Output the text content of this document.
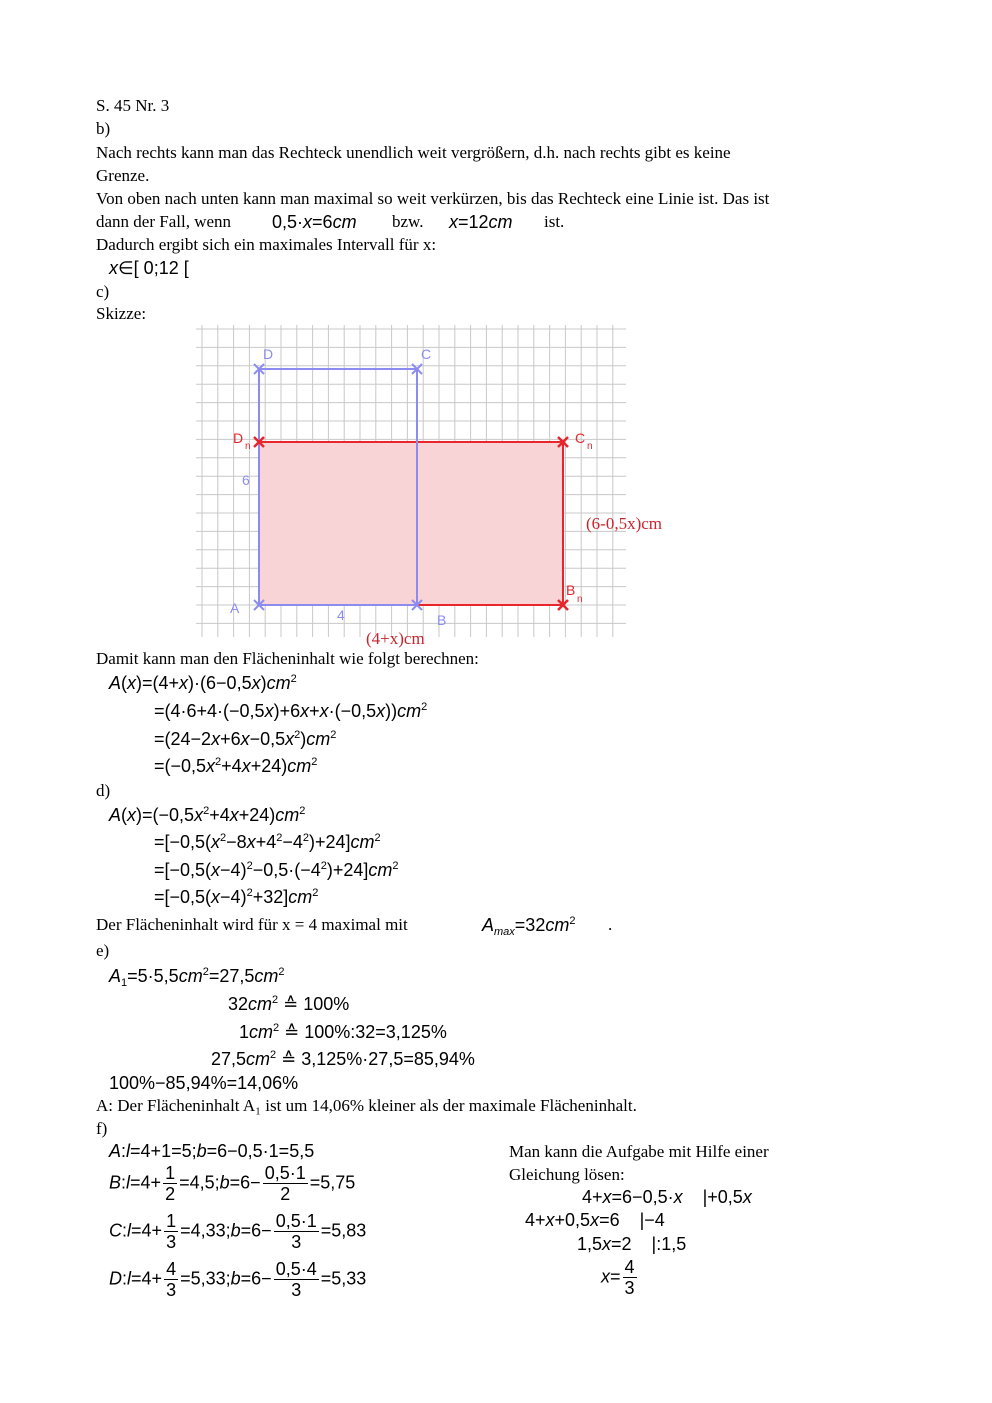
S. 45 Nr. 3
b)
Nach rechts kann man das Rechteck unendlich weit vergrößern, d.h. nach rechts gibt es keine
Grenze.
Von oben nach unten kann man maximal so weit verkürzen, bis das Rechteck eine Linie ist. Das ist
dann der Fall, wenn 0,5·x=6cm bzw. x=12cm ist.
Dadurch ergibt sich ein maximales Intervall für x:
x∈[ 0;12 [
c)
Skizze:
D	C
A
B
6
4
D
n
C
n
B
n
(6-0,5x)cm
(4+x)cm
Damit kann man den Flächeninhalt wie folgt berechnen:
$A(x)=(4+x)\cdot(6-0,5x)cm^2$
$=(4\cdot 6+4\cdot(-0,5x)+6x+x\cdot(-0,5x))cm^2$
$=(24-2x+6x-0,5x^2)cm^2$
$=(-0,5x^2+4x+24)cm^2$
d)
$A(x)=(-0,5x^2+4x+24)cm^2$
$=[-0,5(x^2-8x+4^2-4^2)+24]cm^2$
$=[-0,5(x-4)^2-0,5\cdot(-4^2)+24]cm^2$
$=[-0,5(x-4)^2+32]cm^2$
Der Flächeninhalt wird für x = 4 maximal mit	$A_{max}=32cm^2$ .
e)
$A_1=5\cdot 5,5cm^2=27,5cm^2$
$32cm^2$ ≙ 100%
$1cm^2$ ≙ 100%:32=3,125%
$27,5cm^2$ ≙ 3,125%·27,5=85,94%
100%−85,94%=14,06%
A: Der Flächeninhalt A₁ ist um 14,06% kleiner als der maximale Flächeninhalt.
f)
A:l=4+1=5;b=6−0,5·1=5,5
B:l=4+ $\frac{1}{2}$ =4,5;b=6− $\frac{0,5\cdot 1}{2} =5,75$
C:l=4+ $\frac{1}{3}$ =4,33;b=6− $\frac{0,5\cdot 1}{3} =5,83$
D:l=4+ $\frac{4}{3}$ =5,33;b=6− $\frac{0,5\cdot 4}{3} =5,33$
Man kann die Aufgabe mit Hilfe einer
Gleichung lösen:
4+x=6−0,5·x    |+0,5x
4+x+0,5x=6    |−4
1,5x=2    |:1,5
$x= \frac{4}{3}$
